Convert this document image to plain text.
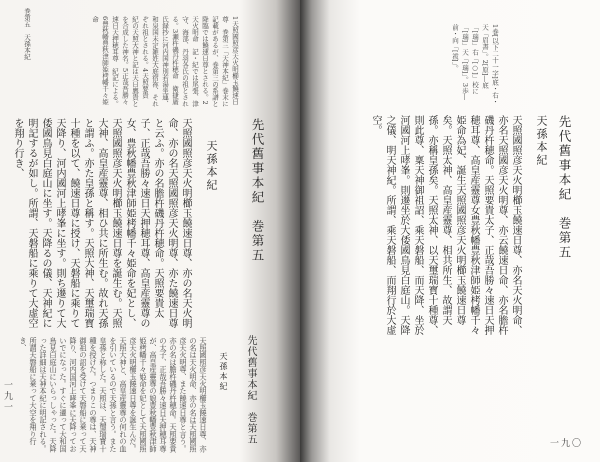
巻第五　天孫本紀	1天照國照彦天火明櫛玉饒速日尊　巻第三「天神本紀」巻末に記載があるが、巻第三の系譜と降臨では饒速日尊とされる。2天火明命　記・紀では尾張、津守、海部、丹羽各氏の祖とされる。3瀬杵磯丹杵穂命　衛捷廣氏録抄に河内国神別若湯坐連、和泉国未定雑姓大庭宿祢、それぞれ祖とされる。4天照要貴　紀の天照大神と記は天日鷹貴とを合成した神名。5正哉吾勝々速日天押穂耳尊　紀記による。6豊秋幡豊秋津師姫栲幡千々姫命
先代舊事本紀　巻第五
天孫本紀
天照國照彦天火明櫛玉饒速日尊、亦の名天火明命、亦の名天照國照彦天火明尊、亦た饒速日尊と云ふ。亦の名膽杵磯丹杵穂命。天照要貴太子、正哉吾勝々速日天押穂耳尊、高皇産靈尊の女、豊秋幡豊秋津師姫栲幡千々姫命を妃とし、天照國照彦天火明櫛玉饒速日尊を誕生む。天照大神、高皇産靈尊、相ひ共に所生む。故れ天孫と謂ふ。亦た皇孫と稱す。天照大神、天璽瑞寳十種を以て、饒速日尊に授け、天磐船に乘りて天降り、河内國河上哮峯に坐す。則ち遷りて大倭國鳥見白庭山に坐す。天降るの儀、天神紀に明記するが如し。所謂、天磐船に乘りて大虚空を翔り行き、
先代舊事本紀　巻第五
天孫本紀
天照國照彦天火明櫛玉饒速日尊、亦の名は天火明命、亦の名は天照國照彦天火明尊、また饒速日尊と言う。亦の名は膽杵磯丹杵穂命。天照要貴の太子、正哉吾勝々速日天押穂耳尊が、高皇産靈尊の娘豊秋幡豊秋津師姫栲幡千々姫命を妃として天照國照彦天火明櫛玉饒速日尊を誕生んだ。天照大神と、高皇産靈尊の何れの血を引いているので天孫と言う。また皇孫と称した。天照は、天璽瑞寳十種を授けた。つまりこの尊は、天神御祖の詔を受けて天磐船に乗って天降り、河内国河上哮峯に天降っておいでになった。すぐに遷って大和国鳥見白庭山にいらっしゃった。天降った詳細は天神本紀に明記される。所謂天磐船に乗って大空を翔り行き、
一九一
1巻[以下二十一字]底・右・天「眉書」。2[原]―底「[瑞]」右「[○]」校に「[瑞]」天「[瑞]」。3歩―前・向「[祓]」。
先代舊事本紀　巻第五
天孫本紀
天照國照彦天火明櫛玉饒速日尊、亦名天火明命、亦名天照國彦天火明尊、亦云饒速日命、亦名膽杵磯丹杵穂命。天照要貴太子、正哉吾勝々速日天押穂耳尊、高皇産靈尊女豊秋幡豊秋津師姫栲幡千々姫命為妃、誕生天照國照彦天火明櫛玉饒速日尊矣。天照太神、高皇産靈尊、相共所生、故謂天孫。亦稱皇孫矣。天照太神、以天璽瑞寳十種尊、則此尊、稟天神御祖詔、乘天磐船、而天降、坐於河國河上哮峯。則遷坐於大倭國鳥見白庭山。天降之儀、明天神紀。所謂、乘天磐船、而翔行於大虚空。
一九〇
